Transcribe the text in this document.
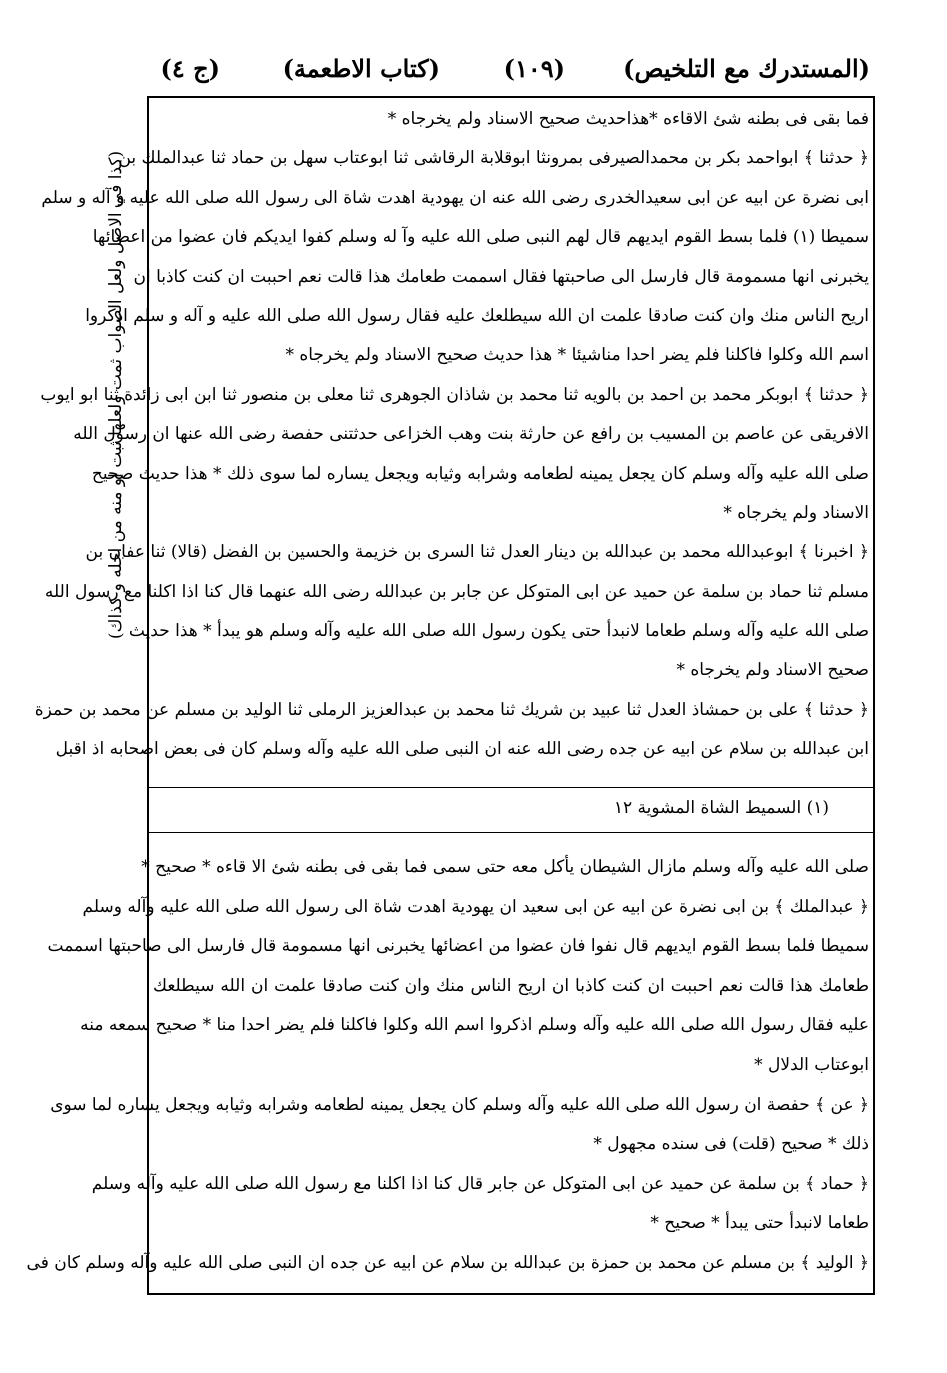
(المستدرك مع التلخيص)
(١٠٩)
(كتاب الاطعمة)
(ج ٤)
(كذا في الاصل ولعل الصواب ثمت ولعلها ثبت او منه من اجله و كذاك)
فما بقى فى بطنه شئ الاقاءه *هذاحديث صحيح الاسناد ولم يخرجاه *
﴿ حدثنا ﴾ ابواحمد بكر بن محمدالصيرفى بمرونثا ابوقلابة الرقاشى ثنا ابوعتاب سهل بن حماد ثنا عبدالملك بن
ابى نضرة عن ابيه عن ابى سعيدالخدرى رضى الله عنه ان يهودية اهدت شاة الى رسول الله صلى الله عليه و آله و سلم
سميطا (١) فلما بسط القوم ايديهم قال لهم النبى صلى الله عليه وآ له وسلم كفوا ايديكم فان عضوا من اعضائها
يخبرنى انها مسمومة قال فارسل الى صاحبتها فقال اسممت طعامك هذا قالت نعم احببت ان كنت كاذبا ان
اريح الناس منك وان كنت صادقا علمت ان الله سيطلعك عليه فقال رسول الله صلى الله عليه و آله و سلم اذكروا
اسم الله وكلوا فاكلنا فلم يضر احدا مناشيئا * هذا حديث صحيح الاسناد ولم يخرجاه *
﴿ حدثنا ﴾ ابوبكر محمد بن احمد بن بالويه ثنا محمد بن شاذان الجوهرى ثنا معلى بن منصور ثنا ابن ابى زائدة ثنا ابو ايوب
الافريقى عن عاصم بن المسيب بن رافع عن حارثة بنت وهب الخزاعى حدثتنى حفصة رضى الله عنها ان رسول الله
صلى الله عليه وآله وسلم كان يجعل يمينه لطعامه وشرابه وثيابه ويجعل يساره لما سوى ذلك * هذا حديث صحيح
الاسناد ولم يخرجاه *
﴿ اخبرنا ﴾ ابوعبدالله محمد بن عبدالله بن دينار العدل ثنا السرى بن خزيمة والحسين بن الفضل (قالا) ثنا عفان بن
مسلم ثنا حماد بن سلمة عن حميد عن ابى المتوكل عن جابر بن عبدالله رضى الله عنهما قال كنا اذا اكلنا مع رسول الله
صلى الله عليه وآله وسلم طعاما لانبدأ حتى يكون رسول الله صلى الله عليه وآله وسلم هو يبدأ * هذا حديث
صحيح الاسناد ولم يخرجاه *
﴿ حدثنا ﴾ على بن حمشاذ العدل ثنا عبيد بن شريك ثنا محمد بن عبدالعزيز الرملى ثنا الوليد بن مسلم عن محمد بن حمزة
ابن عبدالله بن سلام عن ابيه عن جده رضى الله عنه ان النبى صلى الله عليه وآله وسلم كان فى بعض اصحابه اذ اقبل
(١) السميط الشاة المشوية ١٢
صلى الله عليه وآله وسلم مازال الشيطان يأكل معه حتى سمى فما بقى فى بطنه شئ الا قاءه * صحيح *
﴿ عبدالملك ﴾ بن ابى نضرة عن ابيه عن ابى سعيد ان يهودية اهدت شاة الى رسول الله صلى الله عليه وآله وسلم
سميطا فلما بسط القوم ايديهم قال نفوا فان عضوا من اعضائها يخبرنى انها مسمومة قال فارسل الى صاحبتها اسممت
طعامك هذا قالت نعم احببت ان كنت كاذبا ان اريح الناس منك وان كنت صادقا علمت ان الله سيطلعك
عليه فقال رسول الله صلى الله عليه وآله وسلم اذكروا اسم الله وكلوا فاكلنا فلم يضر احدا منا * صحيح سمعه منه
ابوعتاب الدلال *
﴿ عن ﴾ حفصة ان رسول الله صلى الله عليه وآله وسلم كان يجعل يمينه لطعامه وشرابه وثيابه ويجعل يساره لما سوى
ذلك * صحيح (قلت) فى سنده مجهول *
﴿ حماد ﴾ بن سلمة عن حميد عن ابى المتوكل عن جابر قال كنا اذا اكلنا مع رسول الله صلى الله عليه وآله وسلم
طعاما لانبدأ حتى يبدأ * صحيح *
﴿ الوليد ﴾ بن مسلم عن محمد بن حمزة بن عبدالله بن سلام عن ابيه عن جده ان النبى صلى الله عليه وآله وسلم كان فى
